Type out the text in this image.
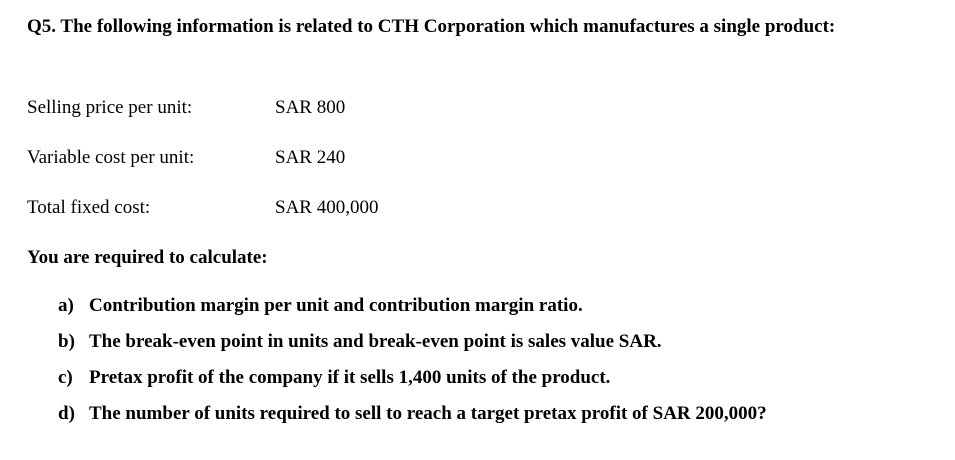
Q5. The following information is related to CTH Corporation which manufactures a single product:
Selling price per unit:	SAR 800
Variable cost per unit:	SAR 240
Total fixed cost:	SAR 400,000
You are required to calculate:
a) Contribution margin per unit and contribution margin ratio.
b) The break-even point in units and break-even point is sales value SAR.
c) Pretax profit of the company if it sells 1,400 units of the product.
d) The number of units required to sell to reach a target pretax profit of SAR 200,000?
